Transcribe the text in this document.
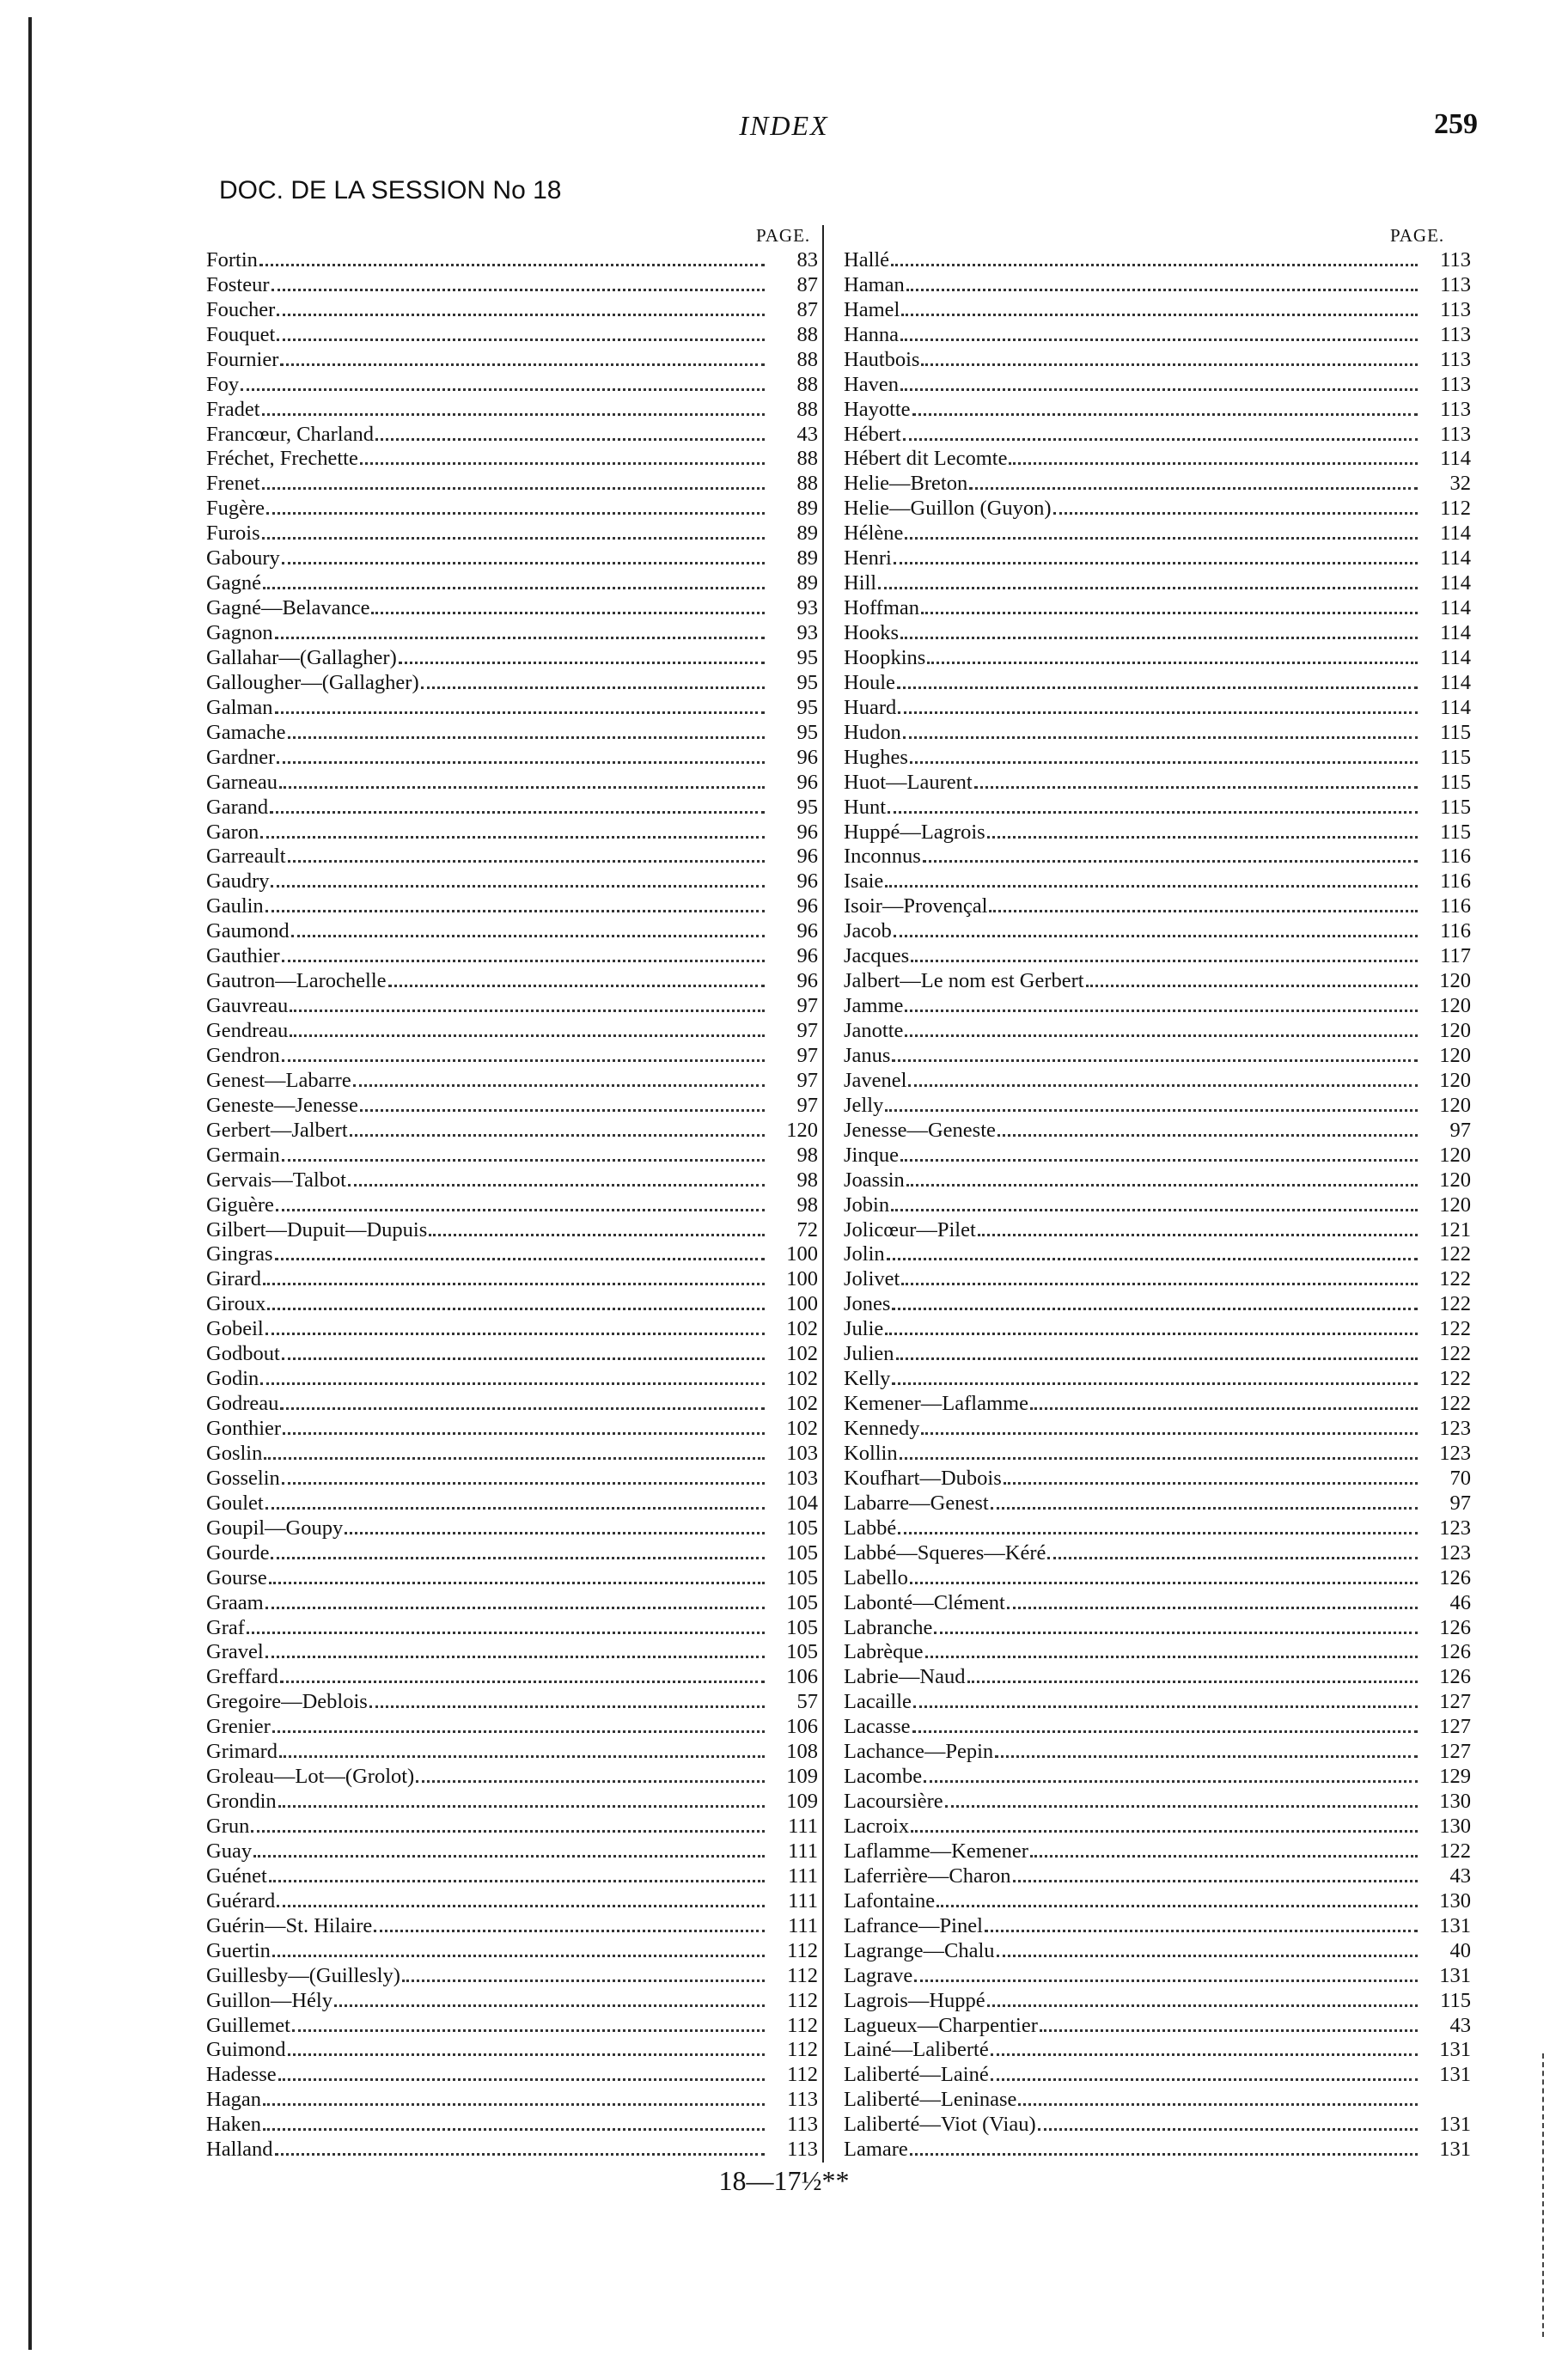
INDEX	259
DOC. DE LA SESSION No 18
PAGE.	PAGE.
Fortin	83
Fosteur	87
Foucher	87
Fouquet	88
Fournier	88
Foy	88
Fradet	88
Francœur, Charland	43
Fréchet, Frechette	88
Frenet	88
Fugère	89
Furois	89
Gaboury	89
Gagné	89
Gagné—Belavance	93
Gagnon	93
Gallahar—(Gallagher)	95
Gallougher—(Gallagher)	95
Galman	95
Gamache	95
Gardner	96
Garneau	96
Garand	95
Garon	96
Garreault	96
Gaudry	96
Gaulin	96
Gaumond	96
Gauthier	96
Gautron—Larochelle	96
Gauvreau	97
Gendreau	97
Gendron	97
Genest—Labarre	97
Geneste—Jenesse	97
Gerbert—Jalbert	120
Germain	98
Gervais—Talbot	98
Giguère	98
Gilbert—Dupuit—Dupuis	72
Gingras	100
Girard	100
Giroux	100
Gobeil	102
Godbout	102
Godin	102
Godreau	102
Gonthier	102
Goslin	103
Gosselin	103
Goulet	104
Goupil—Goupy	105
Gourde	105
Gourse	105
Graam	105
Graf	105
Gravel	105
Greffard	106
Gregoire—Deblois	57
Grenier	106
Grimard	108
Groleau—Lot—(Grolot)	109
Grondin	109
Grun	111
Guay	111
Guénet	111
Guérard	111
Guérin—St. Hilaire	111
Guertin	112
Guillesby—(Guillesly)	112
Guillon—Hély	112
Guillemet	112
Guimond	112
Hadesse	112
Hagan	113
Haken	113
Halland	113
Hallé	113
Haman	113
Hamel	113
Hanna	113
Hautbois	113
Haven	113
Hayotte	113
Hébert	113
Hébert dit Lecomte	114
Helie—Breton	32
Helie—Guillon (Guyon)	112
Hélène	114
Henri	114
Hill	114
Hoffman	114
Hooks	114
Hoopkins	114
Houle	114
Huard	114
Hudon	115
Hughes	115
Huot—Laurent	115
Hunt	115
Huppé—Lagrois	115
Inconnus	116
Isaie	116
Isoir—Provençal	116
Jacob	116
Jacques	117
Jalbert—Le nom est Gerbert	120
Jamme	120
Janotte	120
Janus	120
Javenel	120
Jelly	120
Jenesse—Geneste	97
Jinque	120
Joassin	120
Jobin	120
Jolicœur—Pilet	121
Jolin	122
Jolivet	122
Jones	122
Julie	122
Julien	122
Kelly	122
Kemener—Laflamme	122
Kennedy	123
Kollin	123
Koufhart—Dubois	70
Labarre—Genest	97
Labbé	123
Labbé—Squeres—Kéré	123
Labello	126
Labonté—Clément	46
Labranche	126
Labrèque	126
Labrie—Naud	126
Lacaille	127
Lacasse	127
Lachance—Pepin	127
Lacombe	129
Lacoursière	130
Lacroix	130
Laflamme—Kemener	122
Laferrière—Charon	43
Lafontaine	130
Lafrance—Pinel	131
Lagrange—Chalu	40
Lagrave	131
Lagrois—Huppé	115
Lagueux—Charpentier	43
Lainé—Laliberté	131
Laliberté—Lainé	131
Laliberté—Leninase
Laliberté—Viot (Viau)	131
Lamare	131
18—17½**
